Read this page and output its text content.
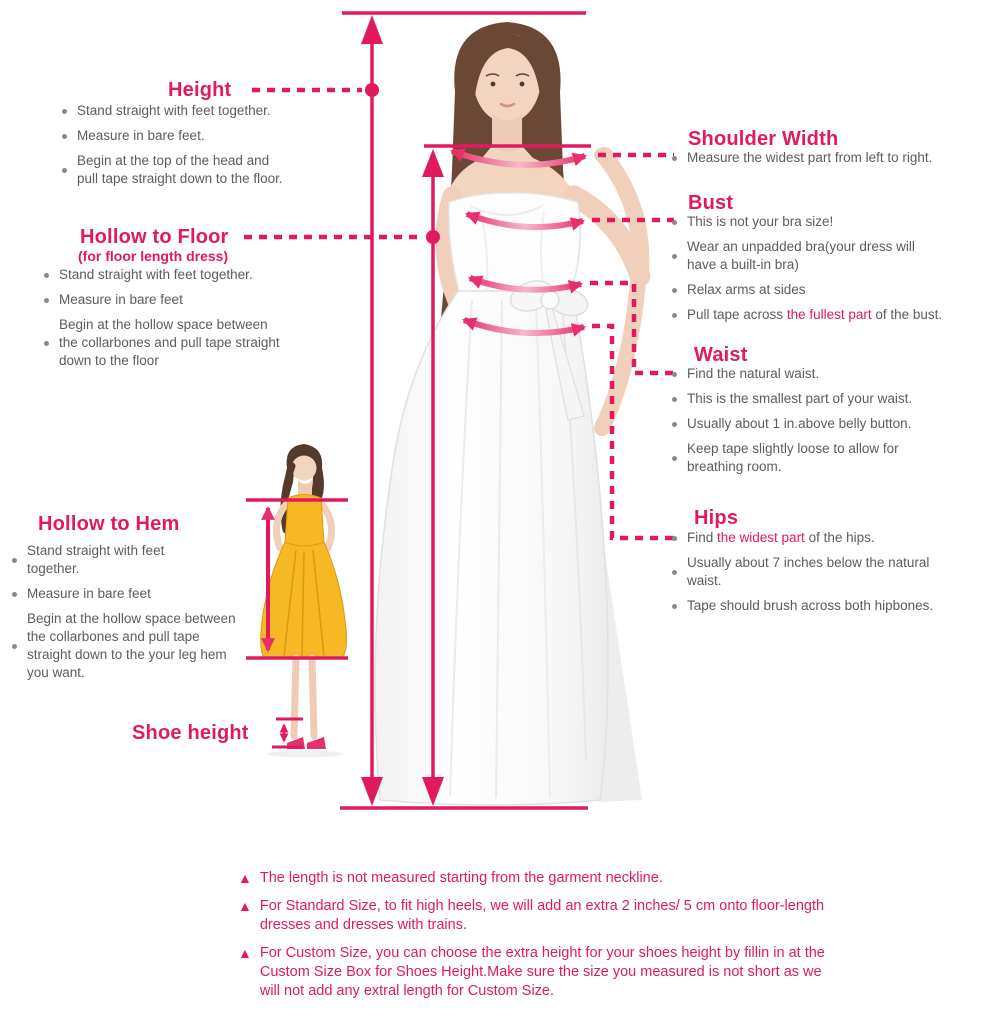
Height
Stand straight with feet together.
Measure in bare feet.
Begin at the top of the head and pull tape straight down to the floor.
Hollow to Floor
(for floor length dress)
Stand straight with feet together.
Measure in bare feet
Begin at the hollow space between the collarbones and pull tape straight down to the floor
Hollow to Hem
Stand straight with feet together.
Measure in bare feet
Begin at the hollow space between the collarbones and pull tape straight down to the your leg hem you want.
Shoe height
Shoulder Width
Measure the widest part from left to right.
Bust
This is not your bra size!
Wear an unpadded bra(your dress will have a built-in bra)
Relax arms at sides
Pull tape across the fullest part of the bust.
Waist
Find the natural waist.
This is the smallest part of your waist.
Usually about 1 in.above belly button.
Keep tape slightly loose to allow for breathing room.
Hips
Find the widest part of the hips.
Usually about 7 inches below the natural waist.
Tape should brush across both hipbones.
▲ The length is not measured starting from the garment neckline.
▲ For Standard Size, to fit high heels, we will add an extra 2 inches/ 5 cm onto floor-length dresses and dresses with trains.
▲ For Custom Size, you can choose the extra height for your shoes height by fillin in at the Custom Size Box for Shoes Height.Make sure the size you measured is not short as we will not add any extral length for Custom Size.
